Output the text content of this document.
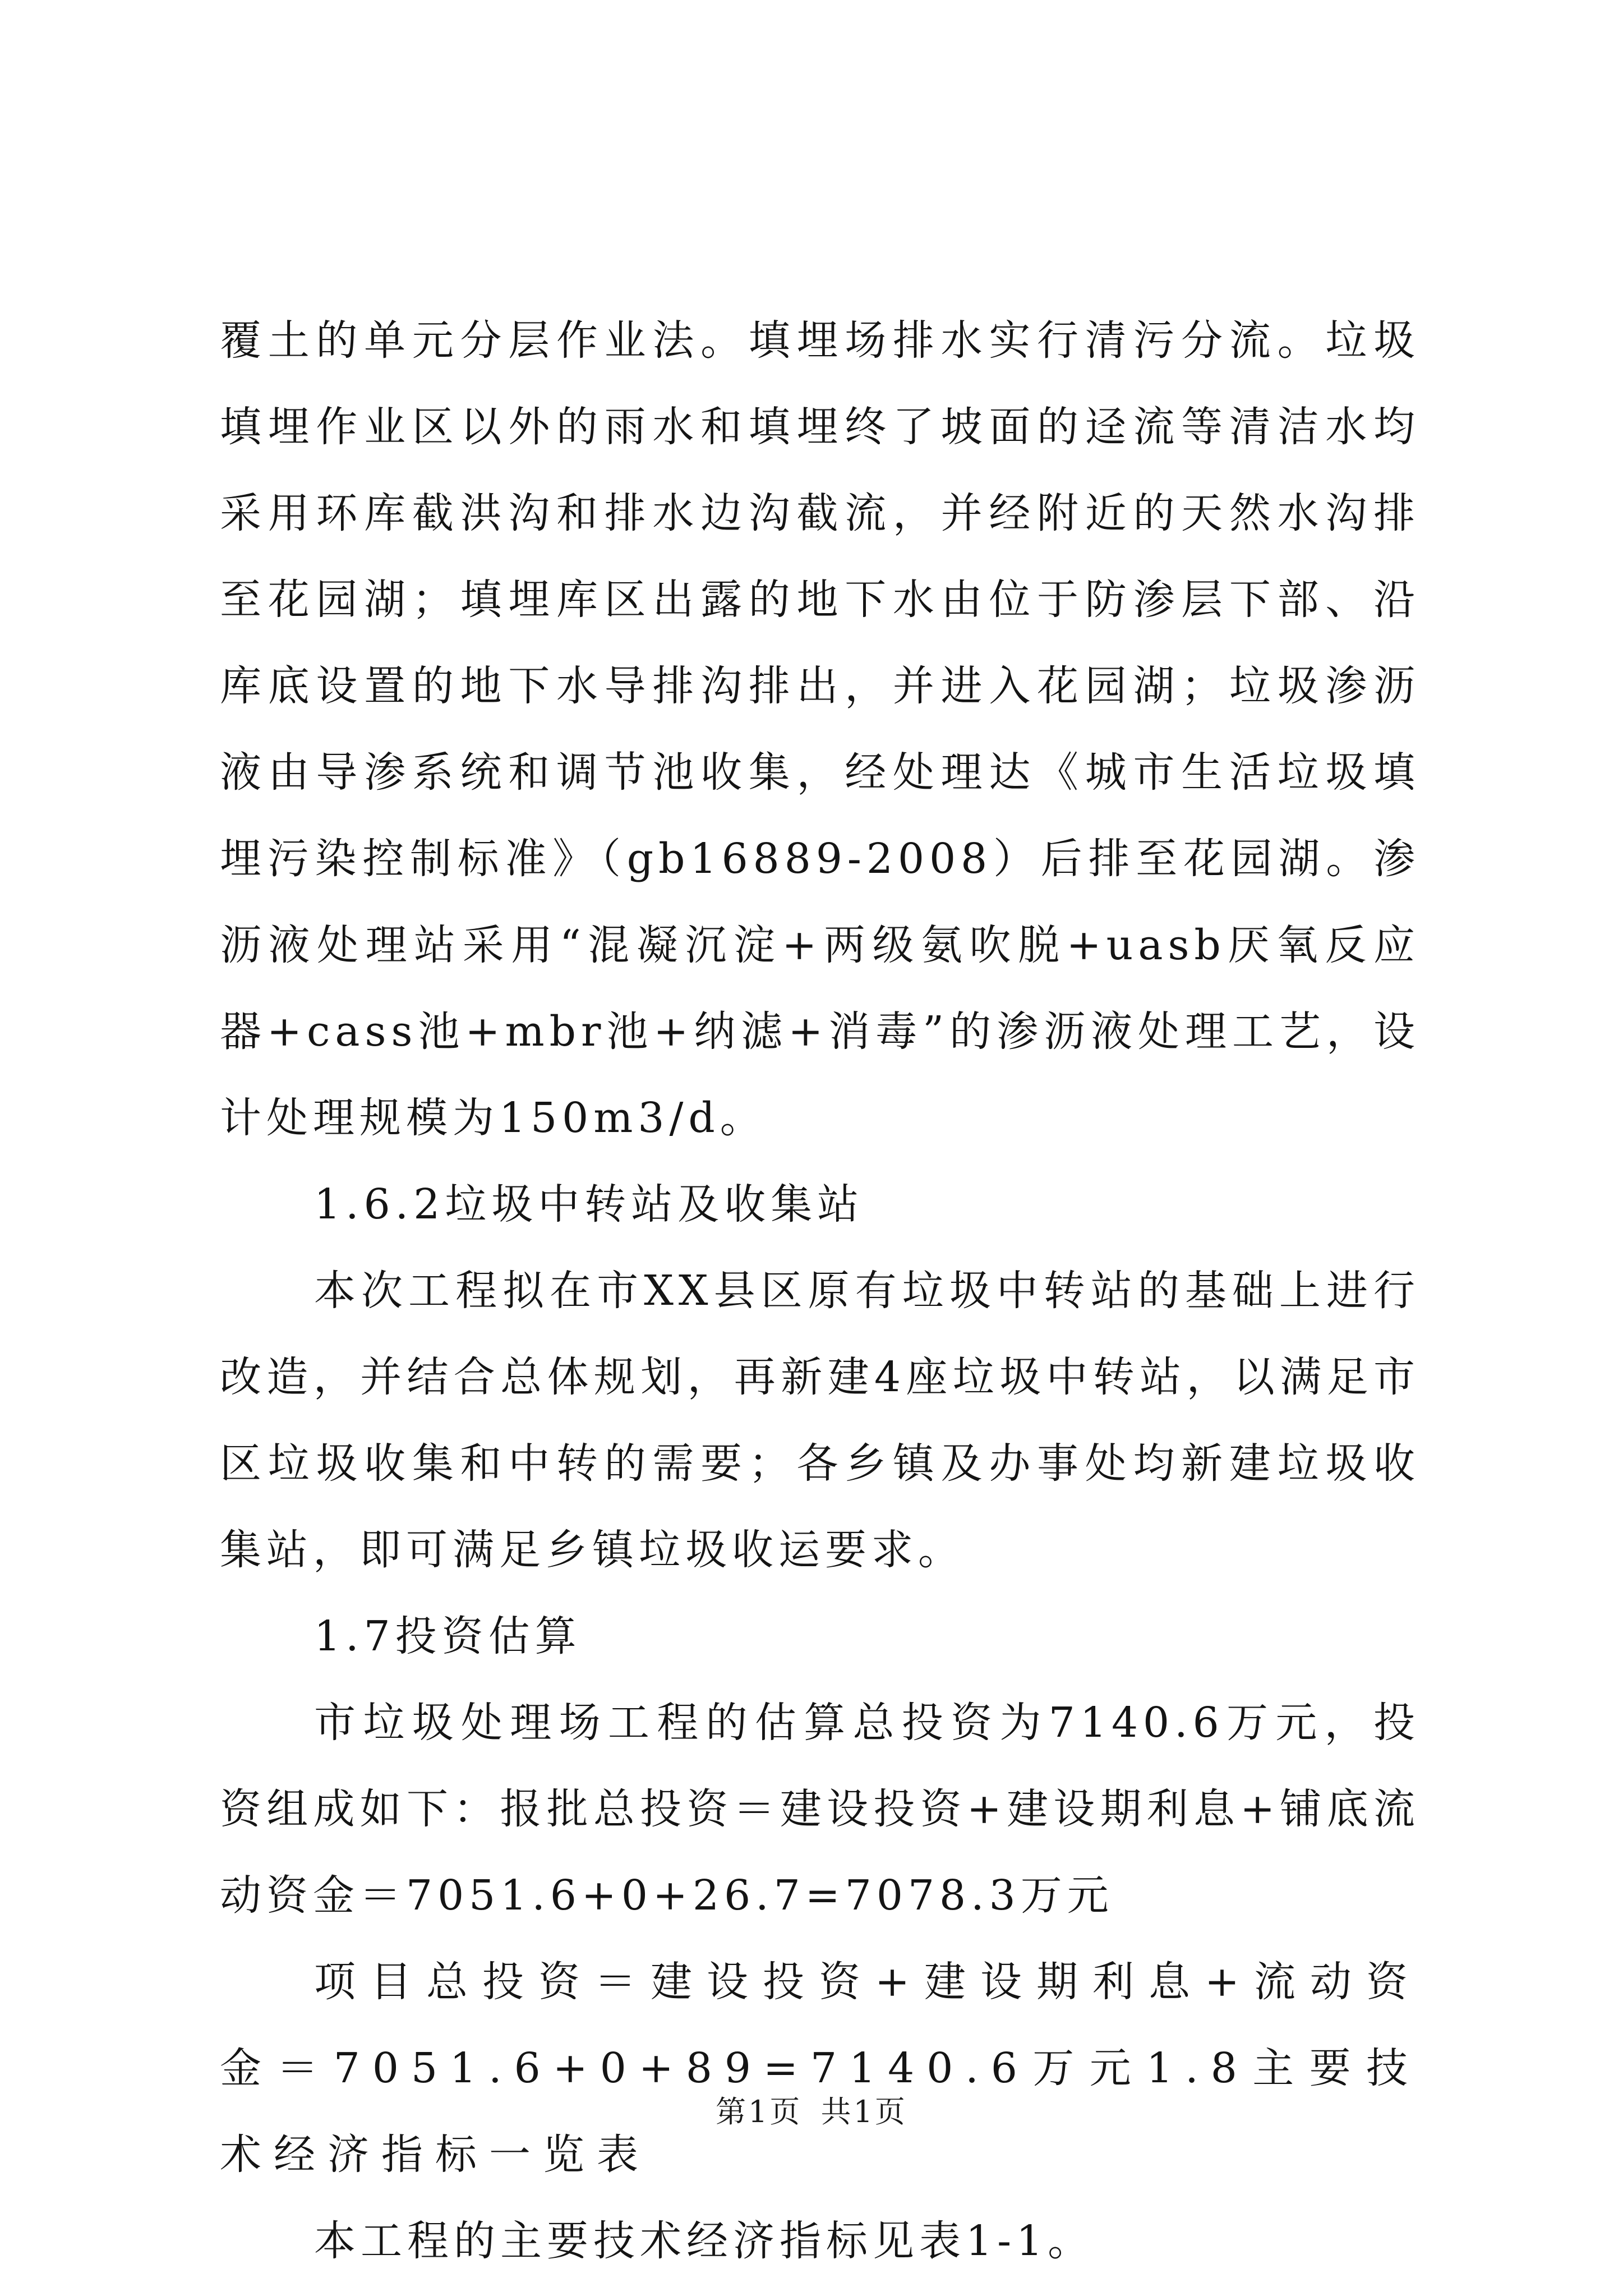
覆土的单元分层作业法。填埋场排水实行清污分流。垃圾填埋作业区以外的雨水和填埋终了坡面的迳流等清洁水均采用环库截洪沟和排水边沟截流，并经附近的天然水沟排至花园湖；填埋库区出露的地下水由位于防渗层下部、沿库底设置的地下水导排沟排出，并进入花园湖；垃圾渗沥液由导渗系统和调节池收集，经处理达《城市生活垃圾填埋污染控制标准》（gb16889-2008）后排至花园湖。渗沥液处理站采用“混凝沉淀+两级氨吹脱+uasb厌氧反应器+cass池+mbr池+纳滤+消毒”的渗沥液处理工艺，设计处理规模为150m3/d。

1.6.2垃圾中转站及收集站

本次工程拟在市XX县区原有垃圾中转站的基础上进行改造，并结合总体规划，再新建4座垃圾中转站，以满足市区垃圾收集和中转的需要；各乡镇及办事处均新建垃圾收集站，即可满足乡镇垃圾收运要求。

1.7投资估算

市垃圾处理场工程的估算总投资为7140.6万元，投资组成如下：报批总投资＝建设投资+建设期利息+铺底流动资金＝7051.6+0+26.7=7078.3万元

项目总投资＝建设投资+建设期利息+流动资金＝7051.6+0+89=7140.6万元1.8主要技术经济指标一览表

本工程的主要技术经济指标见表1-1。

第1页 共1页
